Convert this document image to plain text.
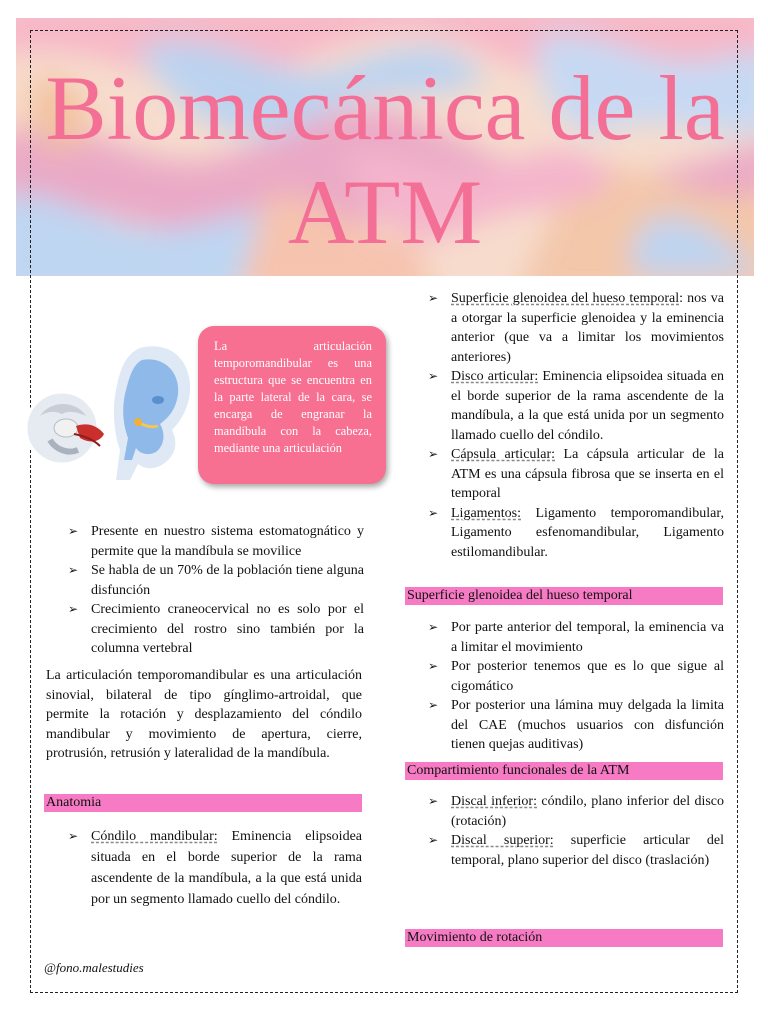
Biomecánica de la ATM

La articulación temporomandibular es una estructura que se encuentra en la parte lateral de la cara, se encarga de engranar la mandíbula con la cabeza, mediante una articulación

➢ Presente en nuestro sistema estomatognático y permite que la mandíbula se movilice
➢ Se habla de un 70% de la población tiene alguna disfunción
➢ Crecimiento craneocervical no es solo por el crecimiento del rostro sino también por la columna vertebral

La articulación temporomandibular es una articulación sinovial, bilateral de tipo gínglimo-artroidal, que permite la rotación y desplazamiento del cóndilo mandibular y movimiento de apertura, cierre, protrusión, retrusión y lateralidad de la mandíbula.

Anatomia
➢ Cóndilo mandibular: Eminencia elipsoidea situada en el borde superior de la rama ascendente de la mandíbula, a la que está unida por un segmento llamado cuello del cóndilo.
➢ Superficie glenoidea del hueso temporal: nos va a otorgar la superficie glenoidea y la eminencia anterior (que va a limitar los movimientos anteriores)
➢ Disco articular: Eminencia elipsoidea situada en el borde superior de la rama ascendente de la mandíbula, a la que está unida por un segmento llamado cuello del cóndilo.
➢ Cápsula articular: La cápsula articular de la ATM es una cápsula fibrosa que se inserta en el temporal
➢ Ligamentos: Ligamento temporomandibular, Ligamento esfenomandibular, Ligamento estilomandibular.
Superficie glenoidea del hueso temporal
➢ Por parte anterior del temporal, la eminencia va a limitar el movimiento
➢ Por posterior tenemos que es lo que sigue al cigomático
➢ Por posterior una lámina muy delgada la limita del CAE (muchos usuarios con disfunción tienen quejas auditivas)
Compartimiento funcionales de la ATM
➢ Discal inferior: cóndilo, plano inferior del disco (rotación)
➢ Discal superior: superficie articular del temporal, plano superior del disco (traslación)
Movimiento de rotación
@fono.malestudies
